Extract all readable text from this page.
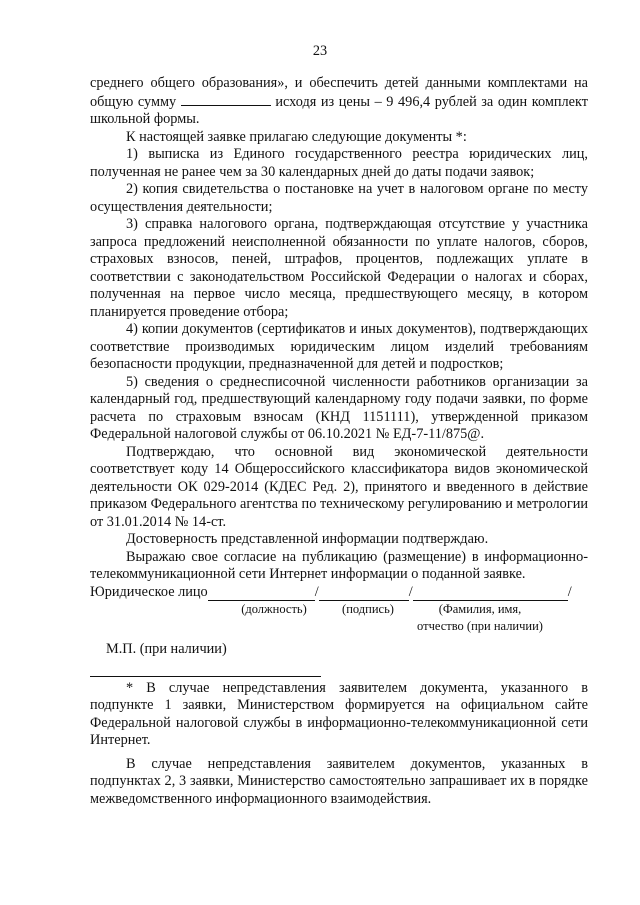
23

среднего общего образования», и обеспечить детей данными комплектами на общую сумму	исходя из цены – 9 496,4 рублей за один комплект школьной формы.

К настоящей заявке прилагаю следующие документы *:

1) выписка из Единого государственного реестра юридических лиц, полученная не ранее чем за 30 календарных дней до даты подачи заявок;

2) копия свидетельства о постановке на учет в налоговом органе по месту осуществления деятельности;

3) справка налогового органа, подтверждающая отсутствие у участника запроса предложений неисполненной обязанности по уплате налогов, сборов, страховых взносов, пеней, штрафов, процентов, подлежащих уплате в соответствии с законодательством Российской Федерации о налогах и сборах, полученная на первое число месяца, предшествующего месяцу, в котором планируется проведение отбора;

4) копии документов (сертификатов и иных документов), подтверждающих соответствие производимых юридическим лицом изделий требованиям безопасности продукции, предназначенной для детей и подростков;

5) сведения о среднесписочной численности работников организации за календарный год, предшествующий календарному году подачи заявки, по форме расчета по страховым взносам (КНД 1151111), утвержденной приказом Федеральной налоговой службы от 06.10.2021 № ЕД-7-11/875@.

Подтверждаю, что основной вид экономической деятельности соответствует коду 14 Общероссийского классификатора видов экономической деятельности ОК 029-2014 (КДЕС Ред. 2), принятого и введенного в действие приказом Федерального агентства по техническому регулированию и метрологии от 31.01.2014 № 14-ст.

Достоверность представленной информации подтверждаю.

Выражаю свое согласие на публикацию (размещение) в информационно-телекоммуникационной сети Интернет информации о поданной заявке.

Юридическое лицо	/	/	/
(должность)	(подпись)	(Фамилия, имя,
отчество (при наличии)

М.П. (при наличии)

* В случае непредставления заявителем документа, указанного в подпункте 1 заявки, Министерством формируется на официальном сайте Федеральной налоговой службы в информационно-телекоммуникационной сети Интернет.

В случае непредставления заявителем документов, указанных в подпунктах 2, 3 заявки, Министерство самостоятельно запрашивает их в порядке межведомственного информационного взаимодействия.
